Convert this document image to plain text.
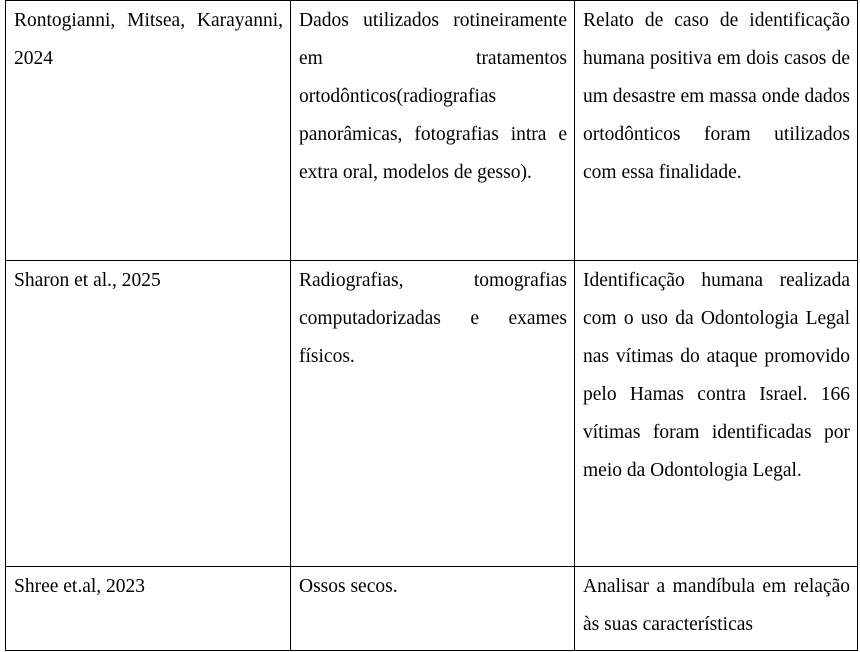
Rontogianni, Mitsea, Karayanni, 2024	Dados utilizados rotineiramente em tratamentos ortodônticos(radiografias panorâmicas, fotografias intra e extra oral, modelos de gesso).	Relato de caso de identificação humana positiva em dois casos de um desastre em massa onde dados ortodônticos foram utilizados com essa finalidade.

Sharon et al., 2025	Radiografias, tomografias computadorizadas e exames físicos.	Identificação humana realizada com o uso da Odontologia Legal nas vítimas do ataque promovido pelo Hamas contra Israel. 166 vítimas foram identificadas por meio da Odontologia Legal.

Shree et.al, 2023	Ossos secos.	Analisar a mandíbula em relação às suas características
